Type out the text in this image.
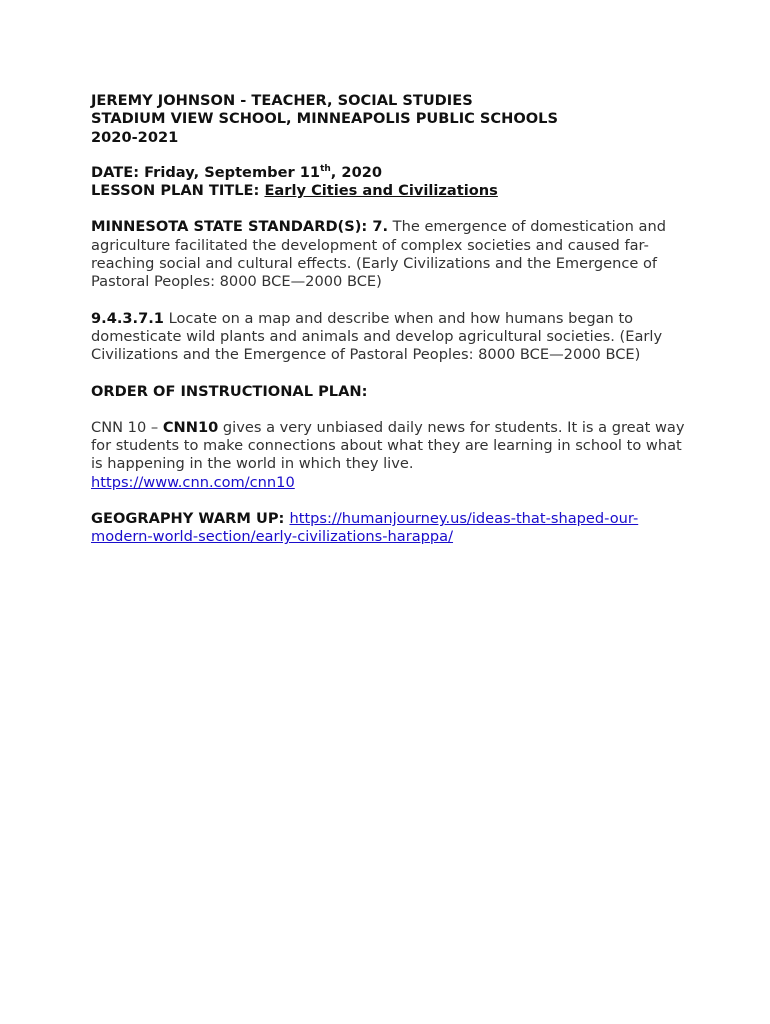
JEREMY JOHNSON - TEACHER, SOCIAL STUDIES
STADIUM VIEW SCHOOL, MINNEAPOLIS PUBLIC SCHOOLS
2020-2021
DATE: Friday, September 11th, 2020
LESSON PLAN TITLE: Early Cities and Civilizations

MINNESOTA STATE STANDARD(S): 7. The emergence of domestication and agriculture facilitated the development of complex societies and caused far-reaching social and cultural effects. (Early Civilizations and the Emergence of Pastoral Peoples: 8000 BCE—2000 BCE)

9.4.3.7.1 Locate on a map and describe when and how humans began to domesticate wild plants and animals and develop agricultural societies. (Early Civilizations and the Emergence of Pastoral Peoples: 8000 BCE—2000 BCE)

ORDER OF INSTRUCTIONAL PLAN:

CNN 10 – CNN10 gives a very unbiased daily news for students. It is a great way for students to make connections about what they are learning in school to what is happening in the world in which they live.
https://www.cnn.com/cnn10

GEOGRAPHY WARM UP: https://humanjourney.us/ideas-that-shaped-our-modern-world-section/early-civilizations-harappa/
